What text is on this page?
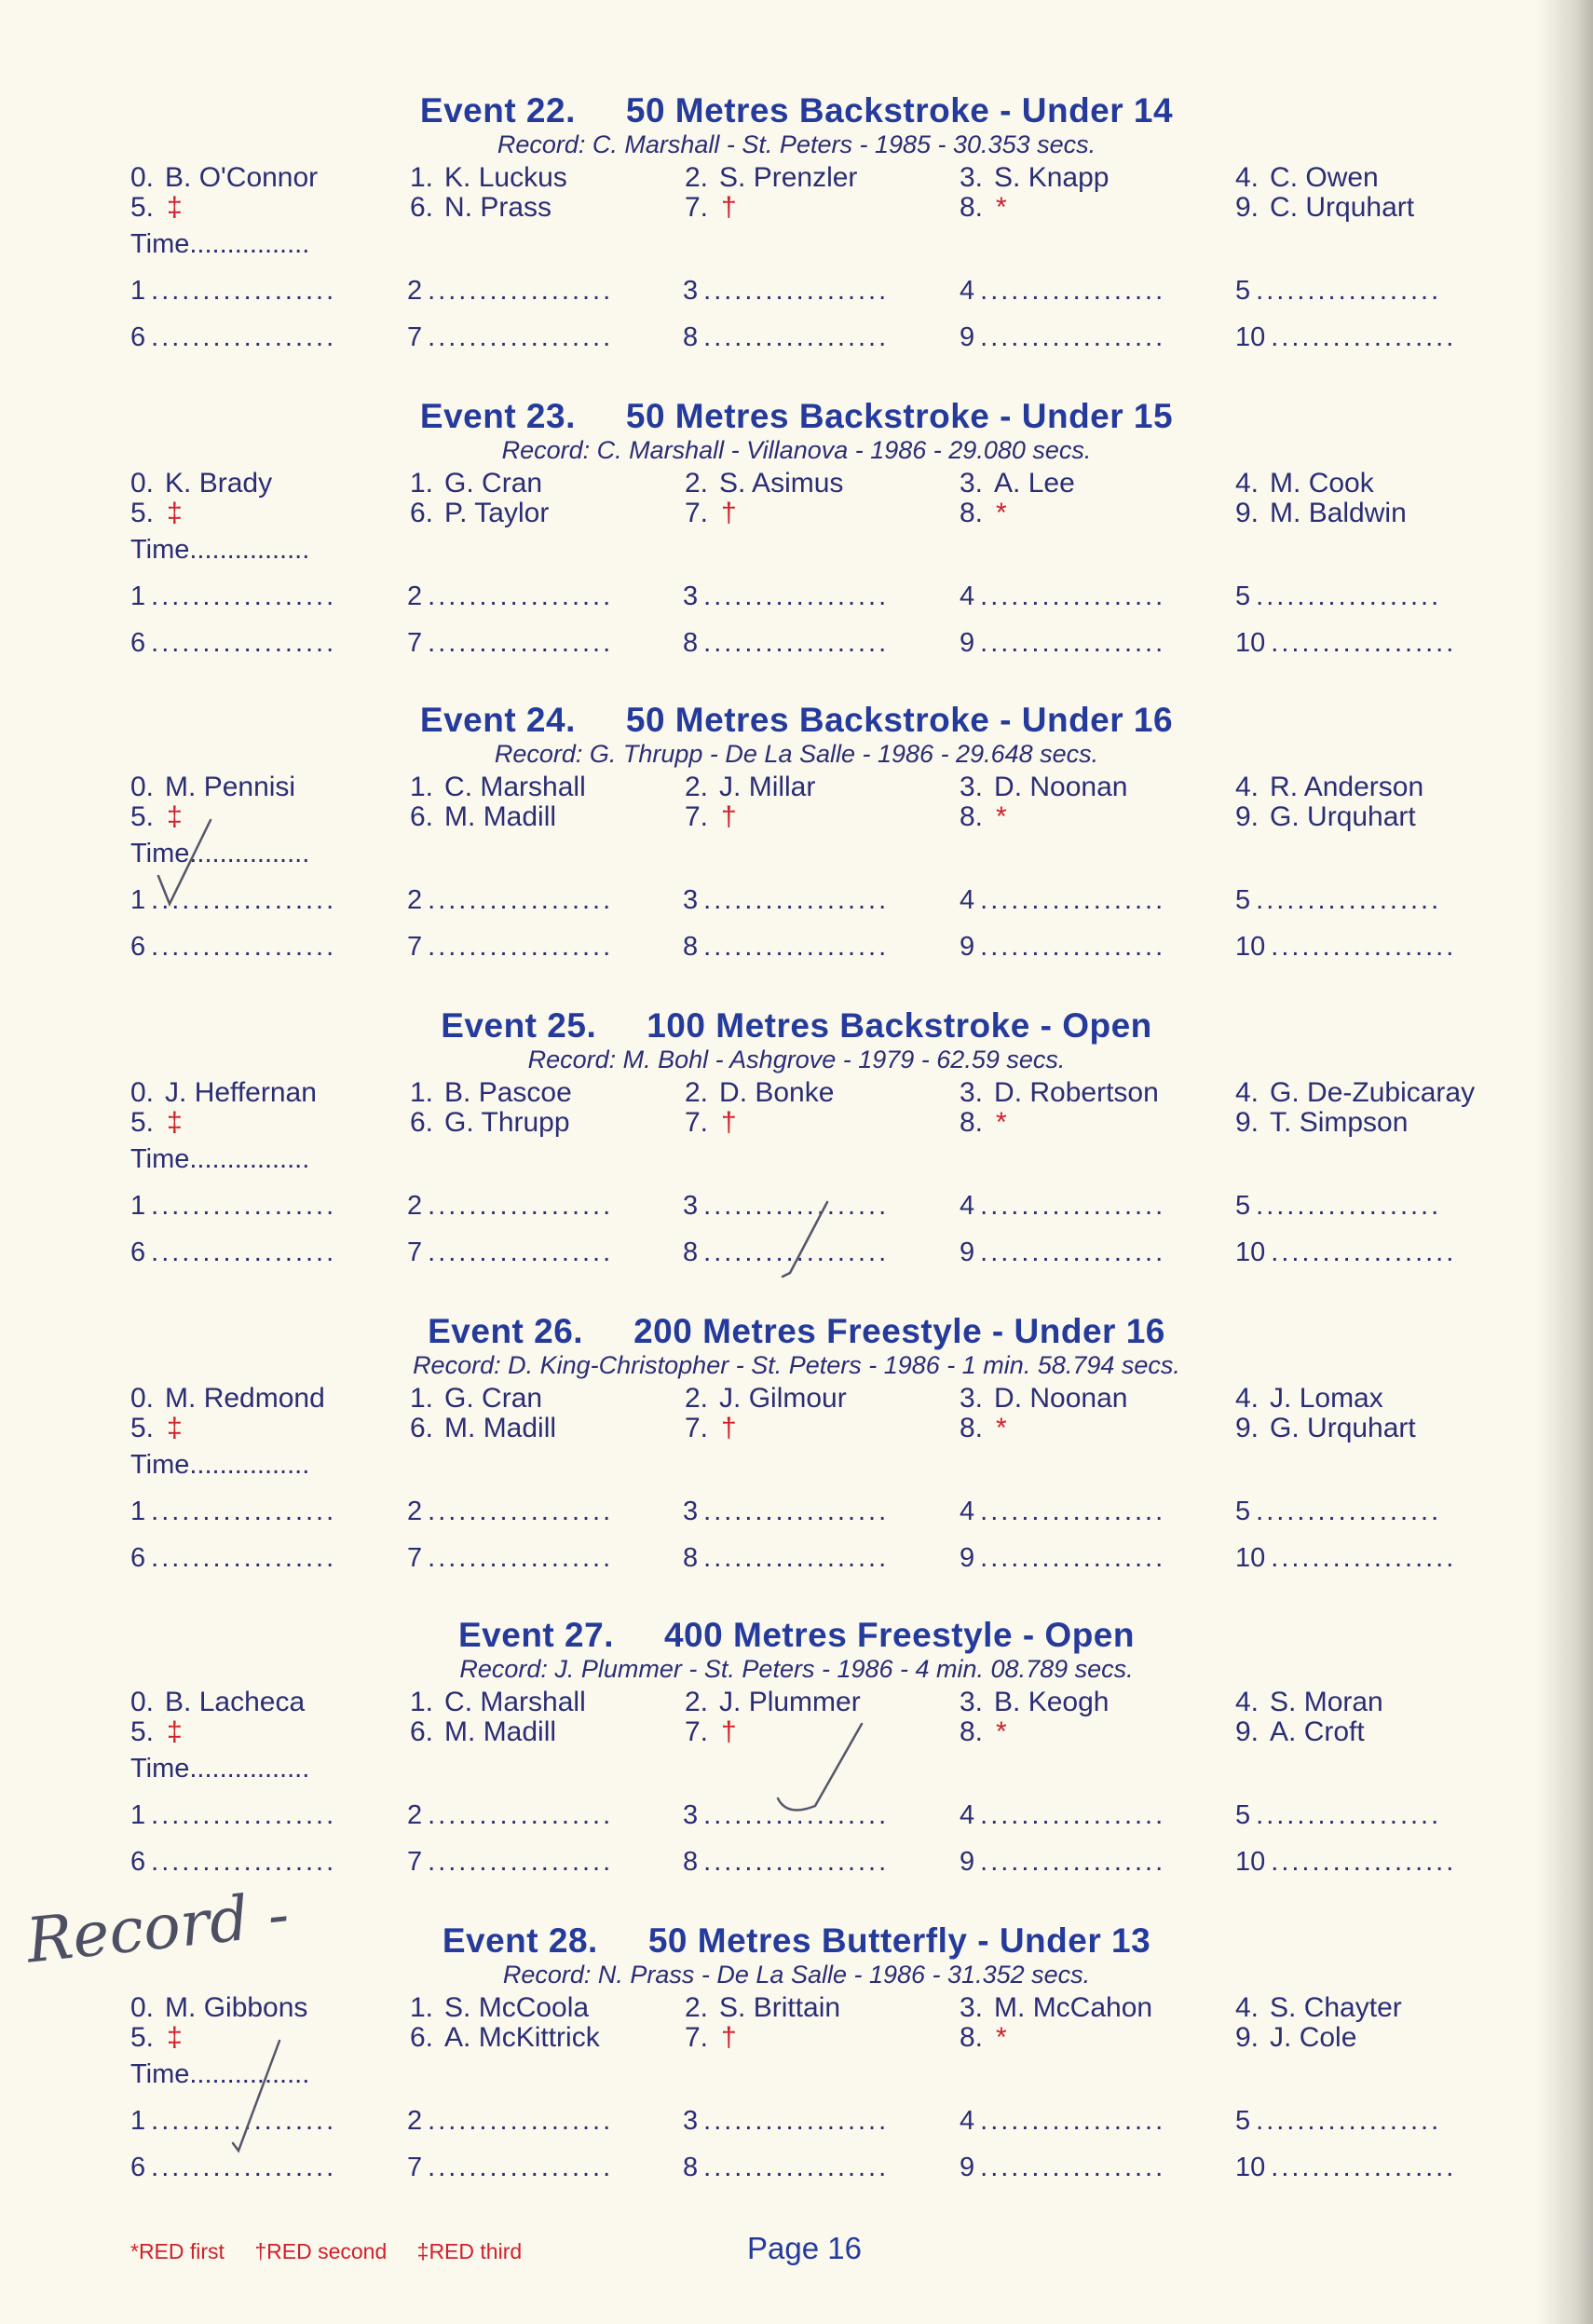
Event 22. 50 Metres Backstroke - Under 14
Record: C. Marshall - St. Peters - 1985 - 30.353 secs.
0. B. O'Connor	1. K. Luckus	2. S. Prenzler	3. S. Knapp	4. C. Owen
5. ‡	6. N. Prass	7. †	8. *	9. C. Urquhart
Time................
1 ..................	2 ..................	3 ..................	4 ..................	5 ..................
6 ..................	7 ..................	8 ..................	9 ..................	10 ..................
Event 23. 50 Metres Backstroke - Under 15
Record: C. Marshall - Villanova - 1986 - 29.080 secs.
0. K. Brady	1. G. Cran	2. S. Asimus	3. A. Lee	4. M. Cook
5. ‡	6. P. Taylor	7. †	8. *	9. M. Baldwin
Time................
1 ..................	2 ..................	3 ..................	4 ..................	5 ..................
6 ..................	7 ..................	8 ..................	9 ..................	10 ..................
Event 24. 50 Metres Backstroke - Under 16
Record: G. Thrupp - De La Salle - 1986 - 29.648 secs.
0. M. Pennisi	1. C. Marshall	2. J. Millar	3. D. Noonan	4. R. Anderson
5. ‡	6. M. Madill	7. †	8. *	9. G. Urquhart
Time................
1 ..................	2 ..................	3 ..................	4 ..................	5 ..................
6 ..................	7 ..................	8 ..................	9 ..................	10 ..................
Event 25. 100 Metres Backstroke - Open
Record: M. Bohl - Ashgrove - 1979 - 62.59 secs.
0. J. Heffernan	1. B. Pascoe	2. D. Bonke	3. D. Robertson	4. G. De-Zubicaray
5. ‡	6. G. Thrupp	7. †	8. *	9. T. Simpson
Time................
1 ..................	2 ..................	3 ..................	4 ..................	5 ..................
6 ..................	7 ..................	8 ..................	9 ..................	10 ..................
Event 26. 200 Metres Freestyle - Under 16
Record: D. King-Christopher - St. Peters - 1986 - 1 min. 58.794 secs.
0. M. Redmond	1. G. Cran	2. J. Gilmour	3. D. Noonan	4. J. Lomax
5. ‡	6. M. Madill	7. †	8. *	9. G. Urquhart
Time................
1 ..................	2 ..................	3 ..................	4 ..................	5 ..................
6 ..................	7 ..................	8 ..................	9 ..................	10 ..................
Event 27. 400 Metres Freestyle - Open
Record: J. Plummer - St. Peters - 1986 - 4 min. 08.789 secs.
0. B. Lacheca	1. C. Marshall	2. J. Plummer	3. B. Keogh	4. S. Moran
5. ‡	6. M. Madill	7. †	8. *	9. A. Croft
Time................
1 ..................	2 ..................	3 ..................	4 ..................	5 ..................
6 ..................	7 ..................	8 ..................	9 ..................	10 ..................
Event 28. 50 Metres Butterfly - Under 13
Record: N. Prass - De La Salle - 1986 - 31.352 secs.
0. M. Gibbons	1. S. McCoola	2. S. Brittain	3. M. McCahon	4. S. Chayter
5. ‡	6. A. McKittrick	7. †	8. *	9. J. Cole
Time................
1 ..................	2 ..................	3 ..................	4 ..................	5 ..................
6 ..................	7 ..................	8 ..................	9 ..................	10 ..................
Record -
*RED first †RED second ‡RED third	Page 16
